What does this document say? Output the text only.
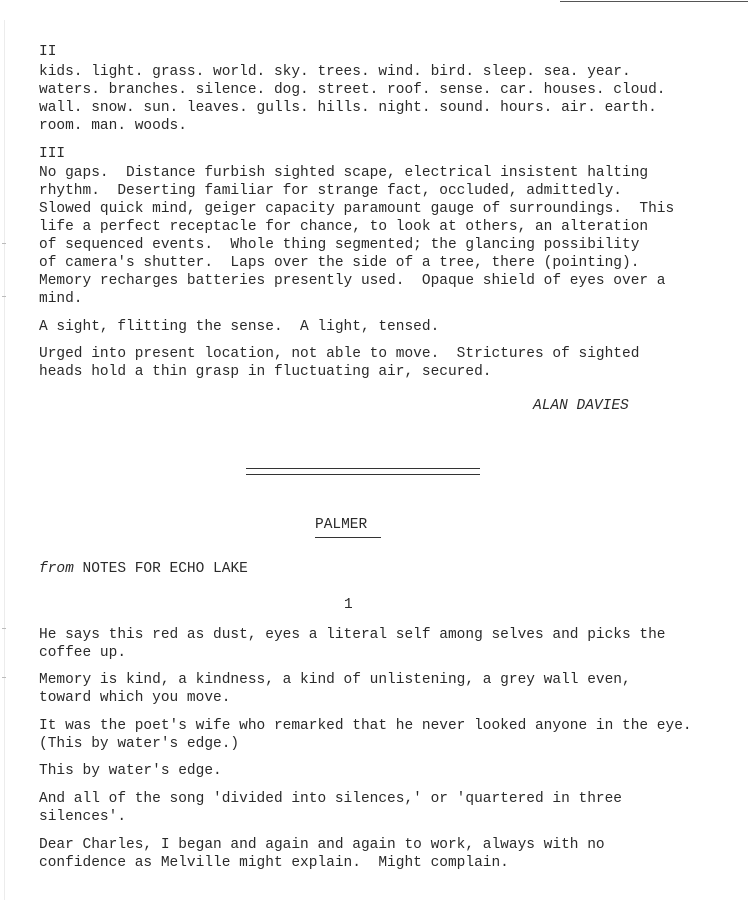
II
kids. light. grass. world. sky. trees. wind. bird. sleep. sea. year.
waters. branches. silence. dog. street. roof. sense. car. houses. cloud.
wall. snow. sun. leaves. gulls. hills. night. sound. hours. air. earth.
room. man. woods.
III
No gaps.  Distance furbish sighted scape, electrical insistent halting
rhythm.  Deserting familiar for strange fact, occluded, admittedly.
Slowed quick mind, geiger capacity paramount gauge of surroundings.  This
life a perfect receptacle for chance, to look at others, an alteration
of sequenced events.  Whole thing segmented; the glancing possibility
of camera's shutter.  Laps over the side of a tree, there (pointing).
Memory recharges batteries presently used.  Opaque shield of eyes over a
mind.
A sight, flitting the sense.  A light, tensed.
Urged into present location, not able to move.  Strictures of sighted
heads hold a thin grasp in fluctuating air, secured.
ALAN DAVIES
PALMER
from NOTES FOR ECHO LAKE
1
He says this red as dust, eyes a literal self among selves and picks the
coffee up.
Memory is kind, a kindness, a kind of unlistening, a grey wall even,
toward which you move.
It was the poet's wife who remarked that he never looked anyone in the eye.
(This by water's edge.)
This by water's edge.
And all of the song 'divided into silences,' or 'quartered in three
silences'.
Dear Charles, I began and again and again to work, always with no
confidence as Melville might explain.  Might complain.
